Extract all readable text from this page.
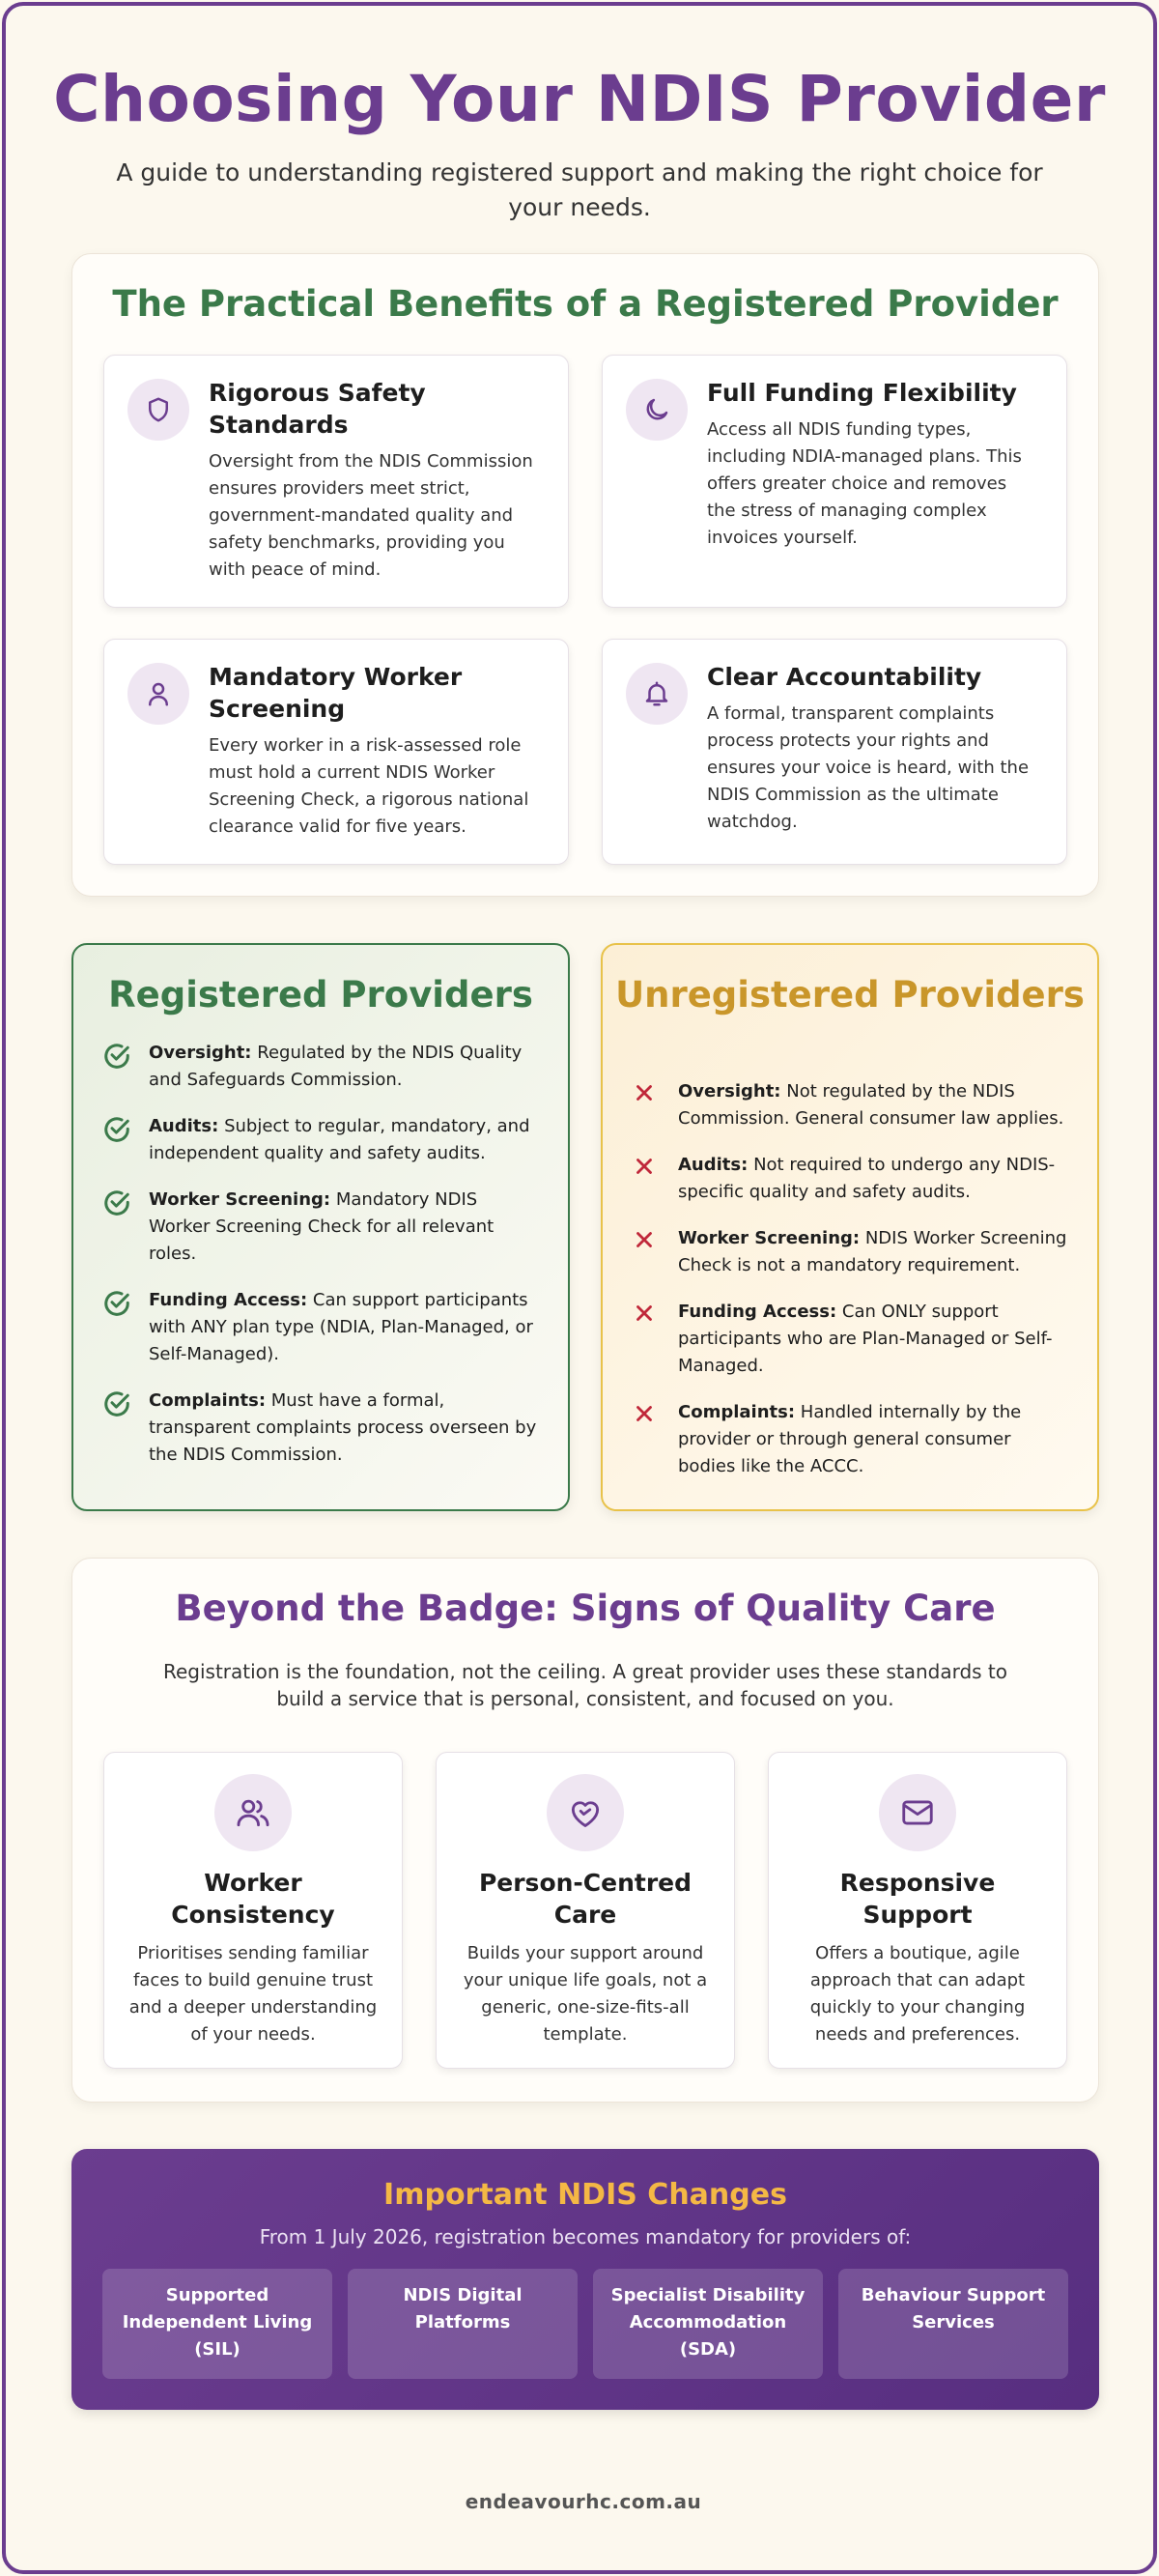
Choosing Your NDIS Provider

A guide to understanding registered support and making the right choice for your needs.

The Practical Benefits of a Registered Provider
Rigorous Safety Standards
Oversight from the NDIS Commission ensures providers meet strict, government-mandated quality and safety benchmarks, providing you with peace of mind.
Full Funding Flexibility
Access all NDIS funding types, including NDIA-managed plans. This offers greater choice and removes the stress of managing complex invoices yourself.
Mandatory Worker Screening
Every worker in a risk-assessed role must hold a current NDIS Worker Screening Check, a rigorous national clearance valid for five years.
Clear Accountability
A formal, transparent complaints process protects your rights and ensures your voice is heard, with the NDIS Commission as the ultimate watchdog.
Registered Providers
Oversight: Regulated by the NDIS Quality and Safeguards Commission.
Audits: Subject to regular, mandatory, and independent quality and safety audits.
Worker Screening: Mandatory NDIS Worker Screening Check for all relevant roles.
Funding Access: Can support participants with ANY plan type (NDIA, Plan-Managed, or Self-Managed).
Complaints: Must have a formal, transparent complaints process overseen by the NDIS Commission.
Unregistered Providers
Oversight: Not regulated by the NDIS Commission. General consumer law applies.
Audits: Not required to undergo any NDIS-specific quality and safety audits.
Worker Screening: NDIS Worker Screening Check is not a mandatory requirement.
Funding Access: Can ONLY support participants who are Plan-Managed or Self-Managed.
Complaints: Handled internally by the provider or through general consumer bodies like the ACCC.
Beyond the Badge: Signs of Quality Care

Registration is the foundation, not the ceiling. A great provider uses these standards to build a service that is personal, consistent, and focused on you.

Worker Consistency
Prioritises sending familiar faces to build genuine trust and a deeper understanding of your needs.
Person-Centred Care
Builds your support around your unique life goals, not a generic, one-size-fits-all template.
Responsive Support
Offers a boutique, agile approach that can adapt quickly to your changing needs and preferences.
Important NDIS Changes

From 1 July 2026, registration becomes mandatory for providers of:

Supported Independent Living (SIL)
NDIS Digital Platforms
Specialist Disability Accommodation (SDA)
Behaviour Support Services
endeavourhc.com.au
